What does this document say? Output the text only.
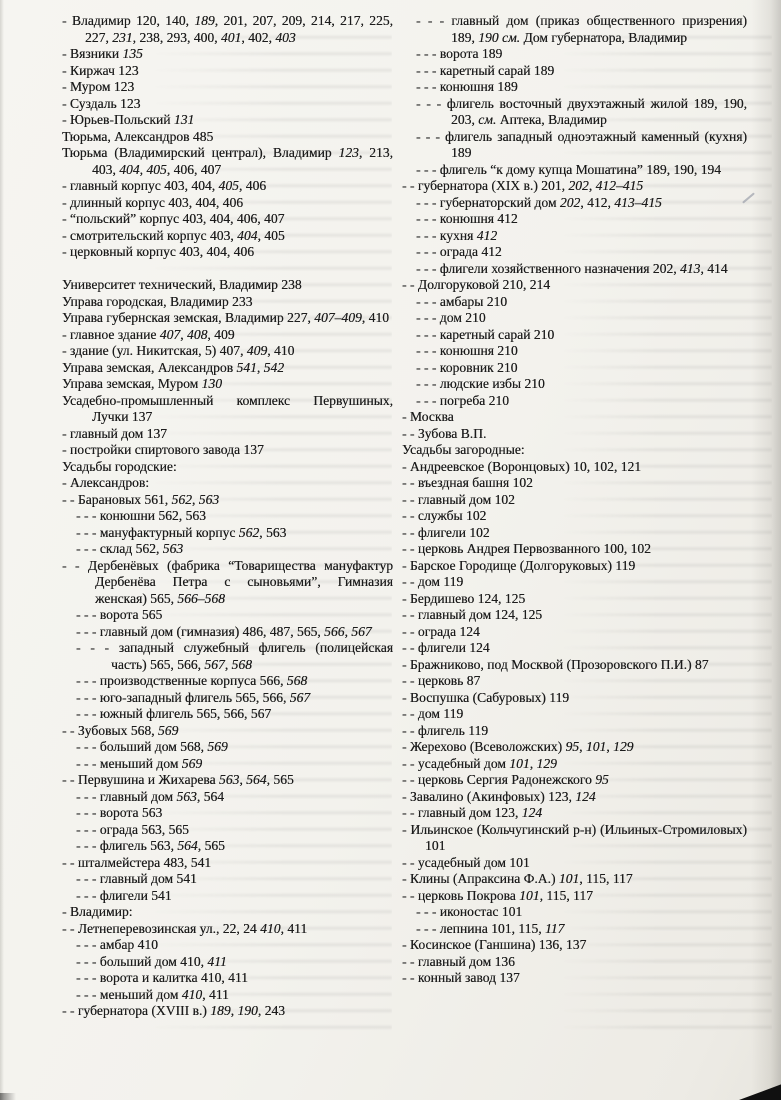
- Владимир 120, 140, 189, 201, 207, 209, 214, 217, 225, 227, 231, 238, 293, 400, 401, 402, 403
- Вязники 135
- Киржач 123
- Муром 123
- Суздаль 123
- Юрьев-Польский 131
Тюрьма, Александров 485
Тюрьма (Владимирский централ), Владимир 123, 213, 403, 404, 405, 406, 407
- главный корпус 403, 404, 405, 406
- длинный корпус 403, 404, 406
- “польский” корпус 403, 404, 406, 407
- смотрительский корпус 403, 404, 405
- церковный корпус 403, 404, 406
Университет технический, Владимир 238
Управа городская, Владимир 233
Управа губернская земская, Владимир 227, 407–409, 410
- главное здание 407, 408, 409
- здание (ул. Никитская, 5) 407, 409, 410
Управа земская, Александров 541, 542
Управа земская, Муром 130
Усадебно-промышленный комплекс Первушиных, Лучки 137
- главный дом 137
- постройки спиртового завода 137
Усадьбы городские:
- Александров:
- - Барановых 561, 562, 563
- - - конюшни 562, 563
- - - мануфактурный корпус 562, 563
- - - склад 562, 563
- - Дербенёвых (фабрика “Товарищества мануфактур Дербенёва Петра с сыновьями”, Гимназия женская) 565, 566–568
- - - ворота 565
- - - главный дом (гимназия) 486, 487, 565, 566, 567
- - - западный служебный флигель (полицейская часть) 565, 566, 567, 568
- - - производственные корпуса 566, 568
- - - юго-западный флигель 565, 566, 567
- - - южный флигель 565, 566, 567
- - Зубовых 568, 569
- - - больший дом 568, 569
- - - меньший дом 569
- - Первушина и Жихарева 563, 564, 565
- - - главный дом 563, 564
- - - ворота 563
- - - ограда 563, 565
- - - флигель 563, 564, 565
- - шталмейстера 483, 541
- - - главный дом 541
- - - флигели 541
- Владимир:
- - Летнеперевозинская ул., 22, 24 410, 411
- - - амбар 410
- - - больший дом 410, 411
- - - ворота и калитка 410, 411
- - - меньший дом 410, 411
- - губернатора (XVIII в.) 189, 190, 243
- - - главный дом (приказ общественного призрения) 189, 190 см. Дом губернатора, Владимир
- - - ворота 189
- - - каретный сарай 189
- - - конюшня 189
- - - флигель восточный двухэтажный жилой 189, 190, 203, см. Аптека, Владимир
- - - флигель западный одноэтажный каменный (кухня) 189
- - - флигель “к дому купца Мошатина” 189, 190, 194
- - губернатора (XIX в.) 201, 202, 412–415
- - - губернаторский дом 202, 412, 413–415
- - - конюшня 412
- - - кухня 412
- - - ограда 412
- - - флигели хозяйственного назначения 202, 413, 414
- - Долгоруковой 210, 214
- - - амбары 210
- - - дом 210
- - - каретный сарай 210
- - - конюшня 210
- - - коровник 210
- - - людские избы 210
- - - погреба 210
- Москва
- - Зубова В.П.
Усадьбы загородные:
- Андреевское (Воронцовых) 10, 102, 121
- - въездная башня 102
- - главный дом 102
- - службы 102
- - флигели 102
- - церковь Андрея Первозванного 100, 102
- Барское Городище (Долгоруковых) 119
- - дом 119
- Бердишево 124, 125
- - главный дом 124, 125
- - ограда 124
- - флигели 124
- Бражниково, под Москвой (Прозоровского П.И.) 87
- - церковь 87
- Воспушка (Сабуровых) 119
- - дом 119
- - флигель 119
- Жерехово (Всеволожских) 95, 101, 129
- - усадебный дом 101, 129
- - церковь Сергия Радонежского 95
- Завалино (Акинфовых) 123, 124
- - главный дом 123, 124
- Ильинское (Кольчугинский р-н) (Ильиных-Стромиловых) 101
- - усадебный дом 101
- Клины (Апраксина Ф.А.) 101, 115, 117
- - церковь Покрова 101, 115, 117
- - - иконостас 101
- - - лепнина 101, 115, 117
- Косинское (Ганшина) 136, 137
- - главный дом 136
- - конный завод 137
